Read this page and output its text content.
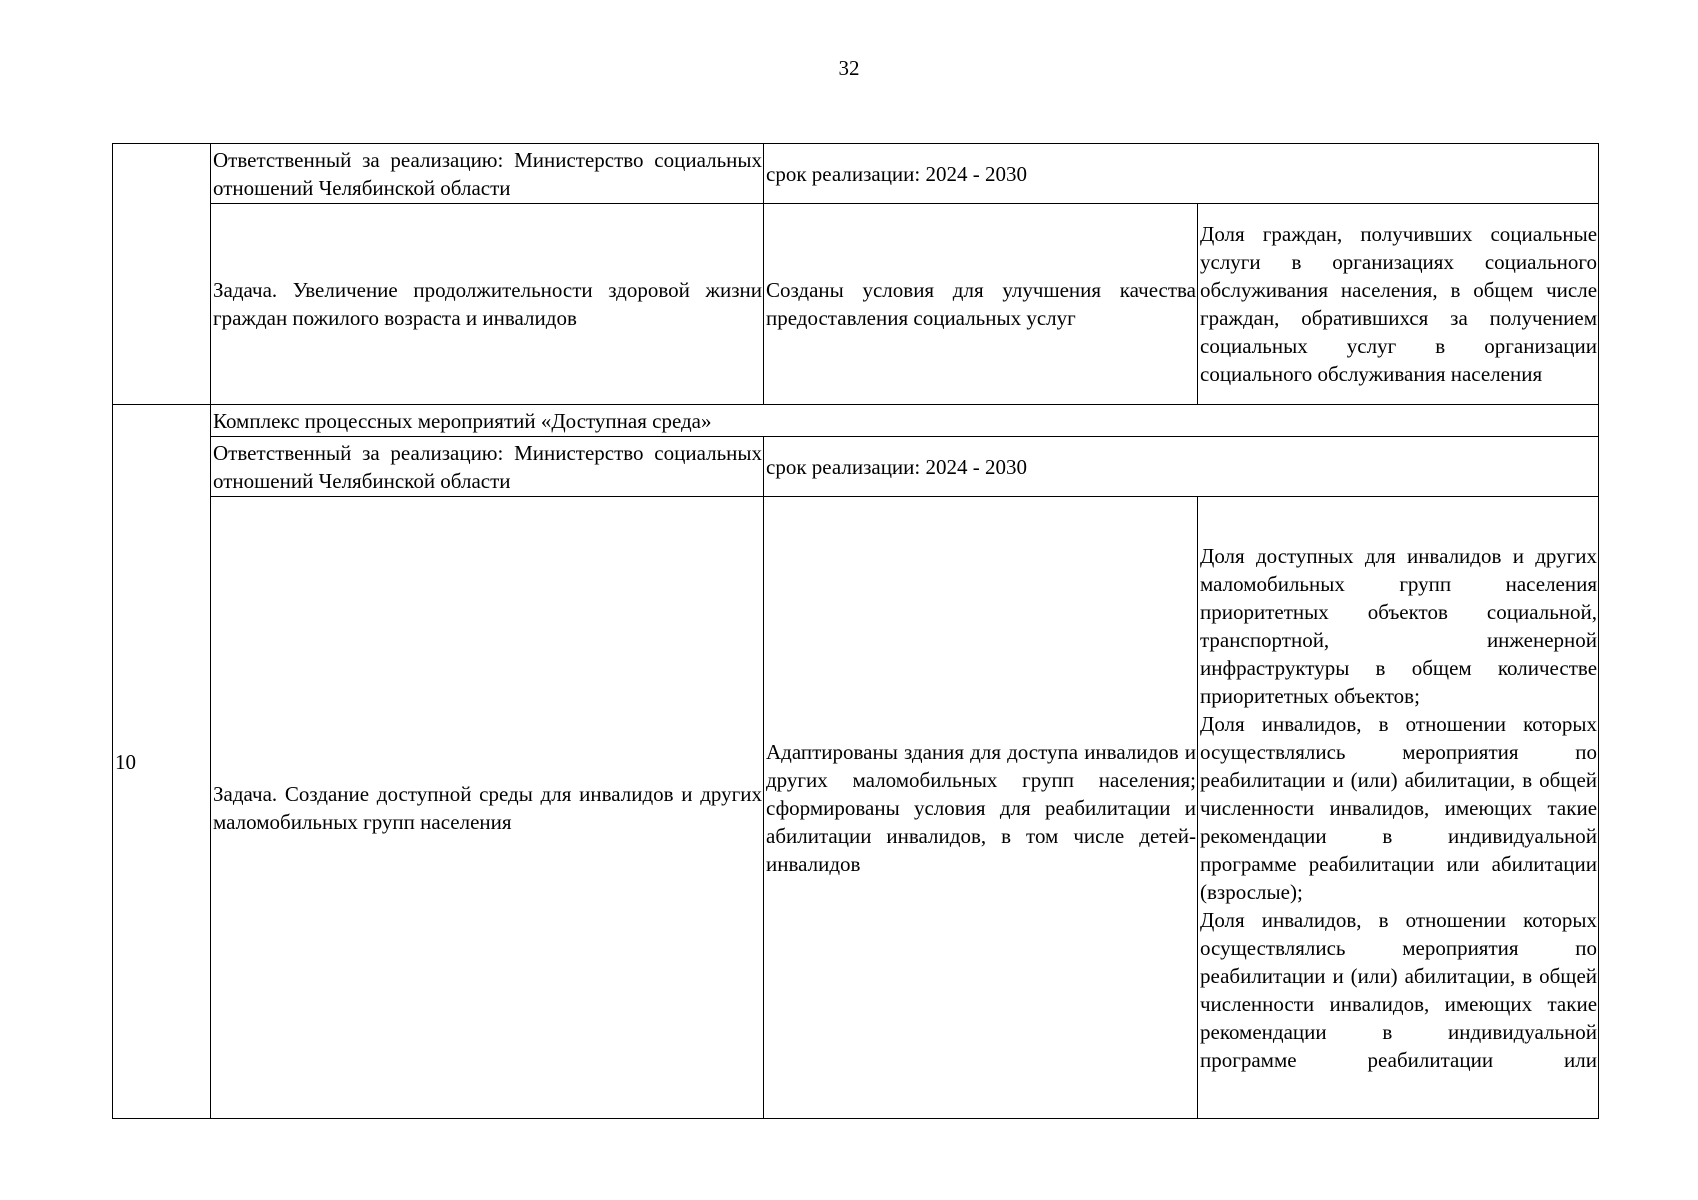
32

	Ответственный за реализацию: Министерство социальных отношений Челябинской области	срок реализации: 2024 - 2030	

	Задача. Увеличение продолжительности здоровой жизни граждан пожилого возраста и инвалидов	Созданы условия для улучшения качества предоставления социальных услуг	Доля граждан, получивших социальные услуги в организациях социального обслуживания населения, в общем числе граждан, обратившихся за получением социальных услуг в организации социального обслуживания населения

10	Комплекс процессных мероприятий «Доступная среда»		

	Ответственный за реализацию: Министерство социальных отношений Челябинской области	срок реализации: 2024 - 2030	

	Задача. Создание доступной среды для инвалидов и других маломобильных групп населения	Адаптированы здания для доступа инвалидов и других маломобильных групп населения; сформированы условия для реабилитации и абилитации инвалидов, в том числе детей-инвалидов	Доля доступных для инвалидов и других маломобильных групп населения приоритетных объектов социальной, транспортной, инженерной инфраструктуры в общем количестве приоритетных объектов;
Доля инвалидов, в отношении которых осуществлялись мероприятия по реабилитации и (или) абилитации, в общей численности инвалидов, имеющих такие рекомендации в индивидуальной программе реабилитации или абилитации (взрослые);
Доля инвалидов, в отношении которых осуществлялись мероприятия по реабилитации и (или) абилитации, в общей численности инвалидов, имеющих такие рекомендации в индивидуальной программе реабилитации или
